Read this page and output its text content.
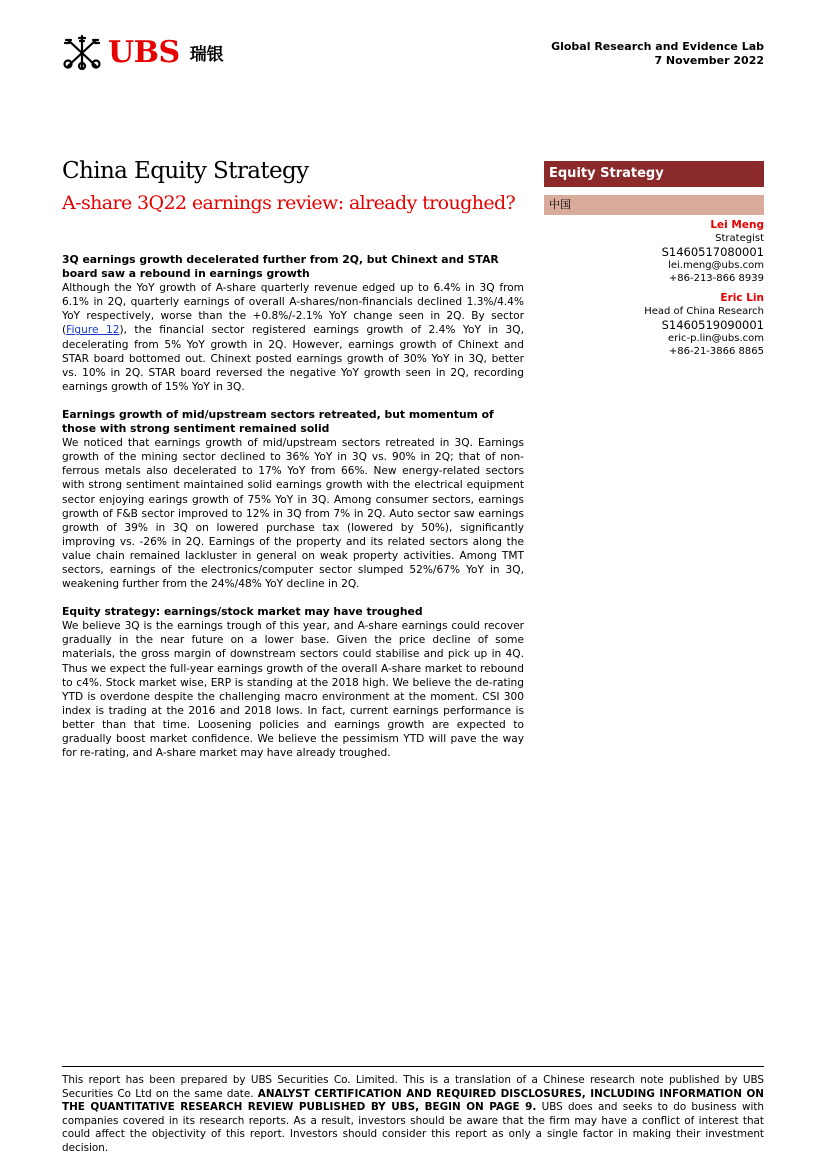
UBS 瑞银	Global Research and Evidence Lab
7 November 2022
China Equity Strategy
A-share 3Q22 earnings review: already troughed?
Equity Strategy
中国
Lei Meng
Strategist
S1460517080001
lei.meng@ubs.com
+86-213-866 8939
Eric Lin
Head of China Research
S1460519090001
eric-p.lin@ubs.com
+86-21-3866 8865
3Q earnings growth decelerated further from 2Q, but Chinext and STAR board saw a rebound in earnings growth

Although the YoY growth of A-share quarterly revenue edged up to 6.4% in 3Q from 6.1% in 2Q, quarterly earnings of overall A-shares/non-financials declined 1.3%/4.4% YoY respectively, worse than the +0.8%/-2.1% YoY change seen in 2Q. By sector (Figure 12), the financial sector registered earnings growth of 2.4% YoY in 3Q, decelerating from 5% YoY growth in 2Q. However, earnings growth of Chinext and STAR board bottomed out. Chinext posted earnings growth of 30% YoY in 3Q, better vs. 10% in 2Q. STAR board reversed the negative YoY growth seen in 2Q, recording earnings growth of 15% YoY in 3Q.

Earnings growth of mid/upstream sectors retreated, but momentum of those with strong sentiment remained solid

We noticed that earnings growth of mid/upstream sectors retreated in 3Q. Earnings growth of the mining sector declined to 36% YoY in 3Q vs. 90% in 2Q; that of non-ferrous metals also decelerated to 17% YoY from 66%. New energy-related sectors with strong sentiment maintained solid earnings growth with the electrical equipment sector enjoying earings growth of 75% YoY in 3Q. Among consumer sectors, earnings growth of F&B sector improved to 12% in 3Q from 7% in 2Q. Auto sector saw earnings growth of 39% in 3Q on lowered purchase tax (lowered by 50%), significantly improving vs. -26% in 2Q. Earnings of the property and its related sectors along the value chain remained lackluster in general on weak property activities. Among TMT sectors, earnings of the electronics/computer sector slumped 52%/67% YoY in 3Q, weakening further from the 24%/48% YoY decline in 2Q.

Equity strategy: earnings/stock market may have troughed

We believe 3Q is the earnings trough of this year, and A-share earnings could recover gradually in the near future on a lower base. Given the price decline of some materials, the gross margin of downstream sectors could stabilise and pick up in 4Q. Thus we expect the full-year earnings growth of the overall A-share market to rebound to c4%. Stock market wise, ERP is standing at the 2018 high. We believe the de-rating YTD is overdone despite the challenging macro environment at the moment. CSI 300 index is trading at the 2016 and 2018 lows. In fact, current earnings performance is better than that time. Loosening policies and earnings growth are expected to gradually boost market confidence. We believe the pessimism YTD will pave the way for re-rating, and A-share market may have already troughed.

This report has been prepared by UBS Securities Co. Limited. This is a translation of a Chinese research note published by UBS Securities Co Ltd on the same date. ANALYST CERTIFICATION AND REQUIRED DISCLOSURES, INCLUDING INFORMATION ON THE QUANTITATIVE RESEARCH REVIEW PUBLISHED BY UBS, BEGIN ON PAGE 9. UBS does and seeks to do business with companies covered in its research reports. As a result, investors should be aware that the firm may have a conflict of interest that could affect the objectivity of this report. Investors should consider this report as only a single factor in making their investment decision.
